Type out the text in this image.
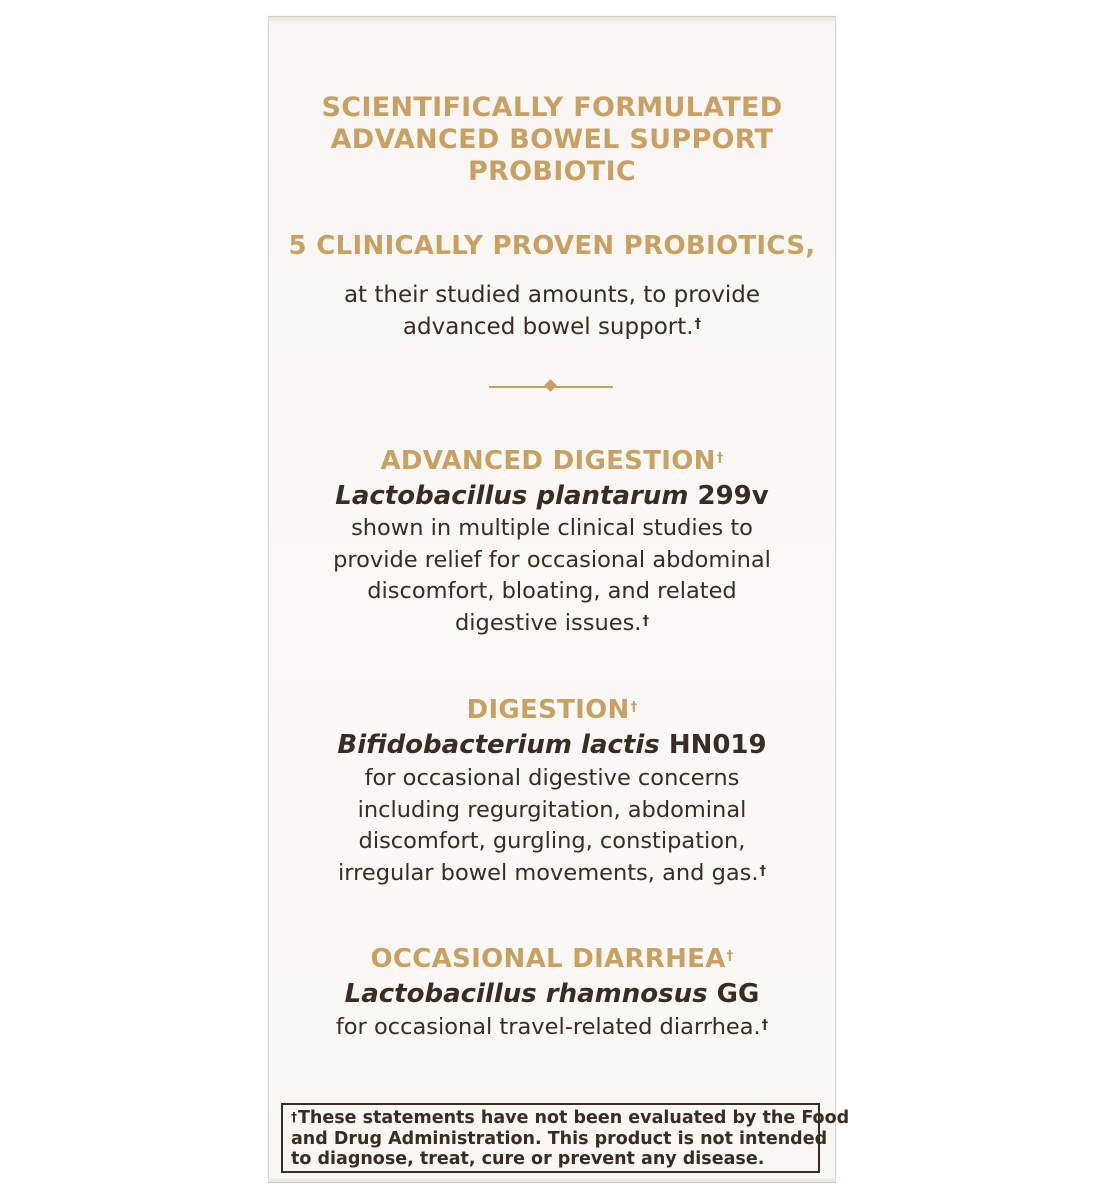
SCIENTIFICALLY FORMULATED
ADVANCED BOWEL SUPPORT
PROBIOTIC
5 CLINICALLY PROVEN PROBIOTICS,
at their studied amounts, to provide
advanced bowel support.†
ADVANCED DIGESTION†
Lactobacillus plantarum 299v
shown in multiple clinical studies to
provide relief for occasional abdominal
discomfort, bloating, and related
digestive issues.†
DIGESTION†
Bifidobacterium lactis HN019
for occasional digestive concerns
including regurgitation, abdominal
discomfort, gurgling, constipation,
irregular bowel movements, and gas.†
OCCASIONAL DIARRHEA†
Lactobacillus rhamnosus GG
for occasional travel-related diarrhea.†
†These statements have not been evaluated by the Food
and Drug Administration. This product is not intended
to diagnose, treat, cure or prevent any disease.
